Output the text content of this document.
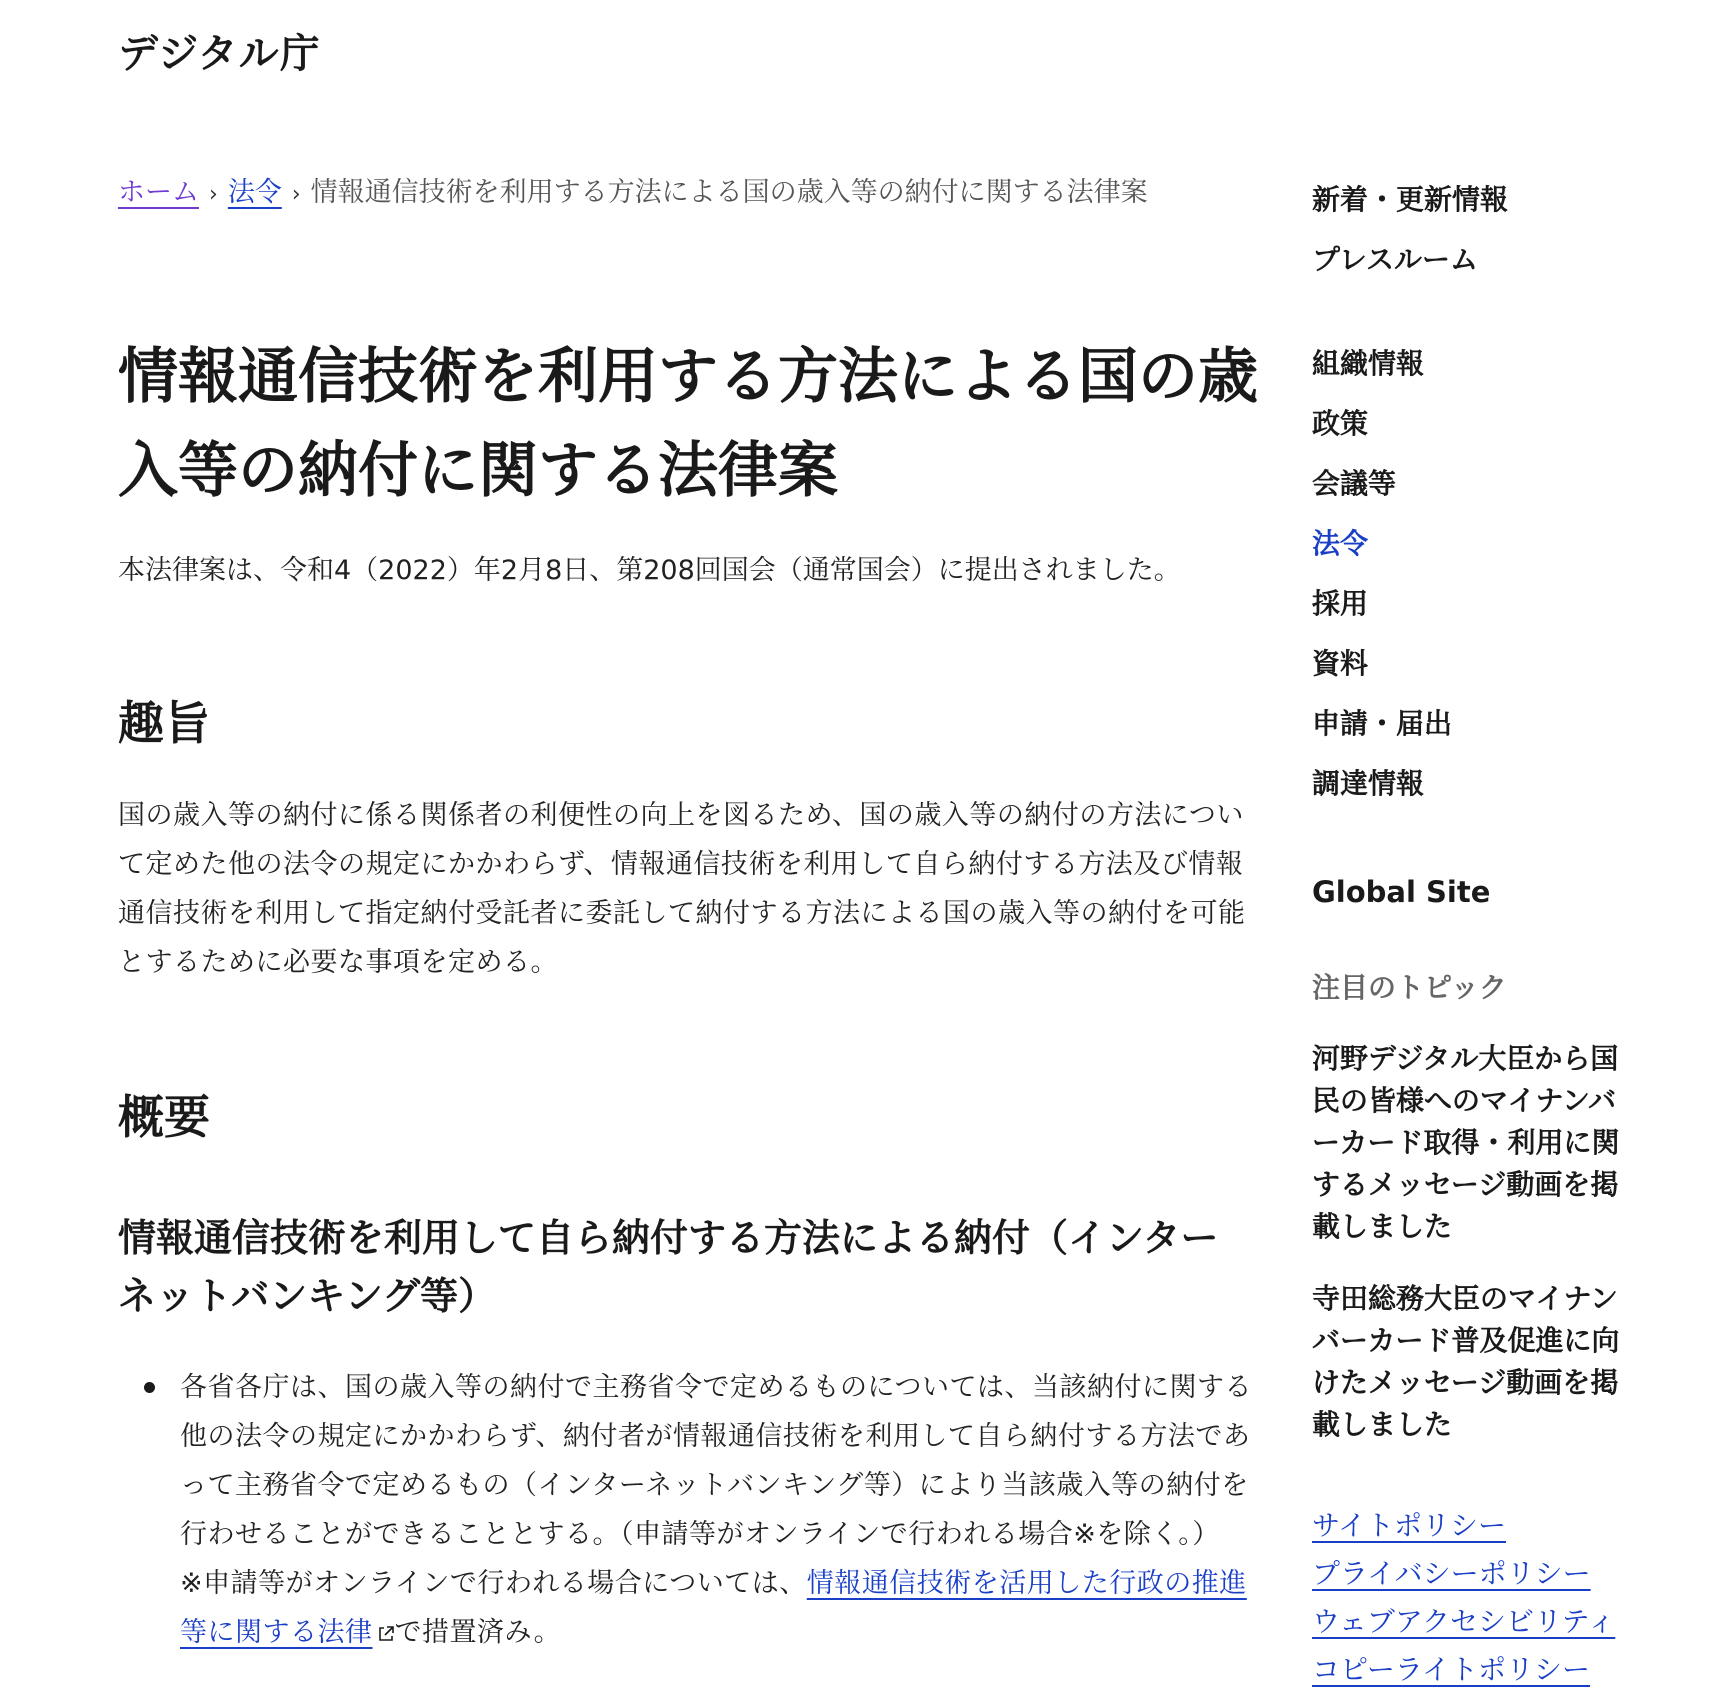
デジタル庁
ホーム › 法令 › 情報通信技術を利用する方法による国の歳入等の納付に関する法律案
情報通信技術を利用する方法による国の歳入等の納付に関する法律案
本法律案は、令和4（2022）年2月8日、第208回国会（通常国会）に提出されました。
趣旨

国の歳入等の納付に係る関係者の利便性の向上を図るため、国の歳入等の納付の方法について定めた他の法令の規定にかかわらず、情報通信技術を利用して自ら納付する方法及び情報通信技術を利用して指定納付受託者に委託して納付する方法による国の歳入等の納付を可能とするために必要な事項を定める。

概要
情報通信技術を利用して自ら納付する方法による納付（インターネットバンキング等）
各省各庁は、国の歳入等の納付で主務省令で定めるものについては、当該納付に関する他の法令の規定にかかわらず、納付者が情報通信技術を利用して自ら納付する方法であって主務省令で定めるもの（インターネットバンキング等）により当該歳入等の納付を行わせることができることとする。（申請等がオンラインで行われる場合※を除く。）
※申請等がオンラインで行われる場合については、情報通信技術を活用した行政の推進等に関する法律 で措置済み。
新着・更新情報
プレスルーム
組織情報
政策
会議等
法令
採用
資料
申請・届出
調達情報
Global Site
注目のトピック
河野デジタル大臣から国民の皆様へのマイナンバーカード取得・利用に関するメッセージ動画を掲載しました
寺田総務大臣のマイナンバーカード普及促進に向けたメッセージ動画を掲載しました
サイトポリシー
プライバシーポリシー
ウェブアクセシビリティ
コピーライトポリシー
